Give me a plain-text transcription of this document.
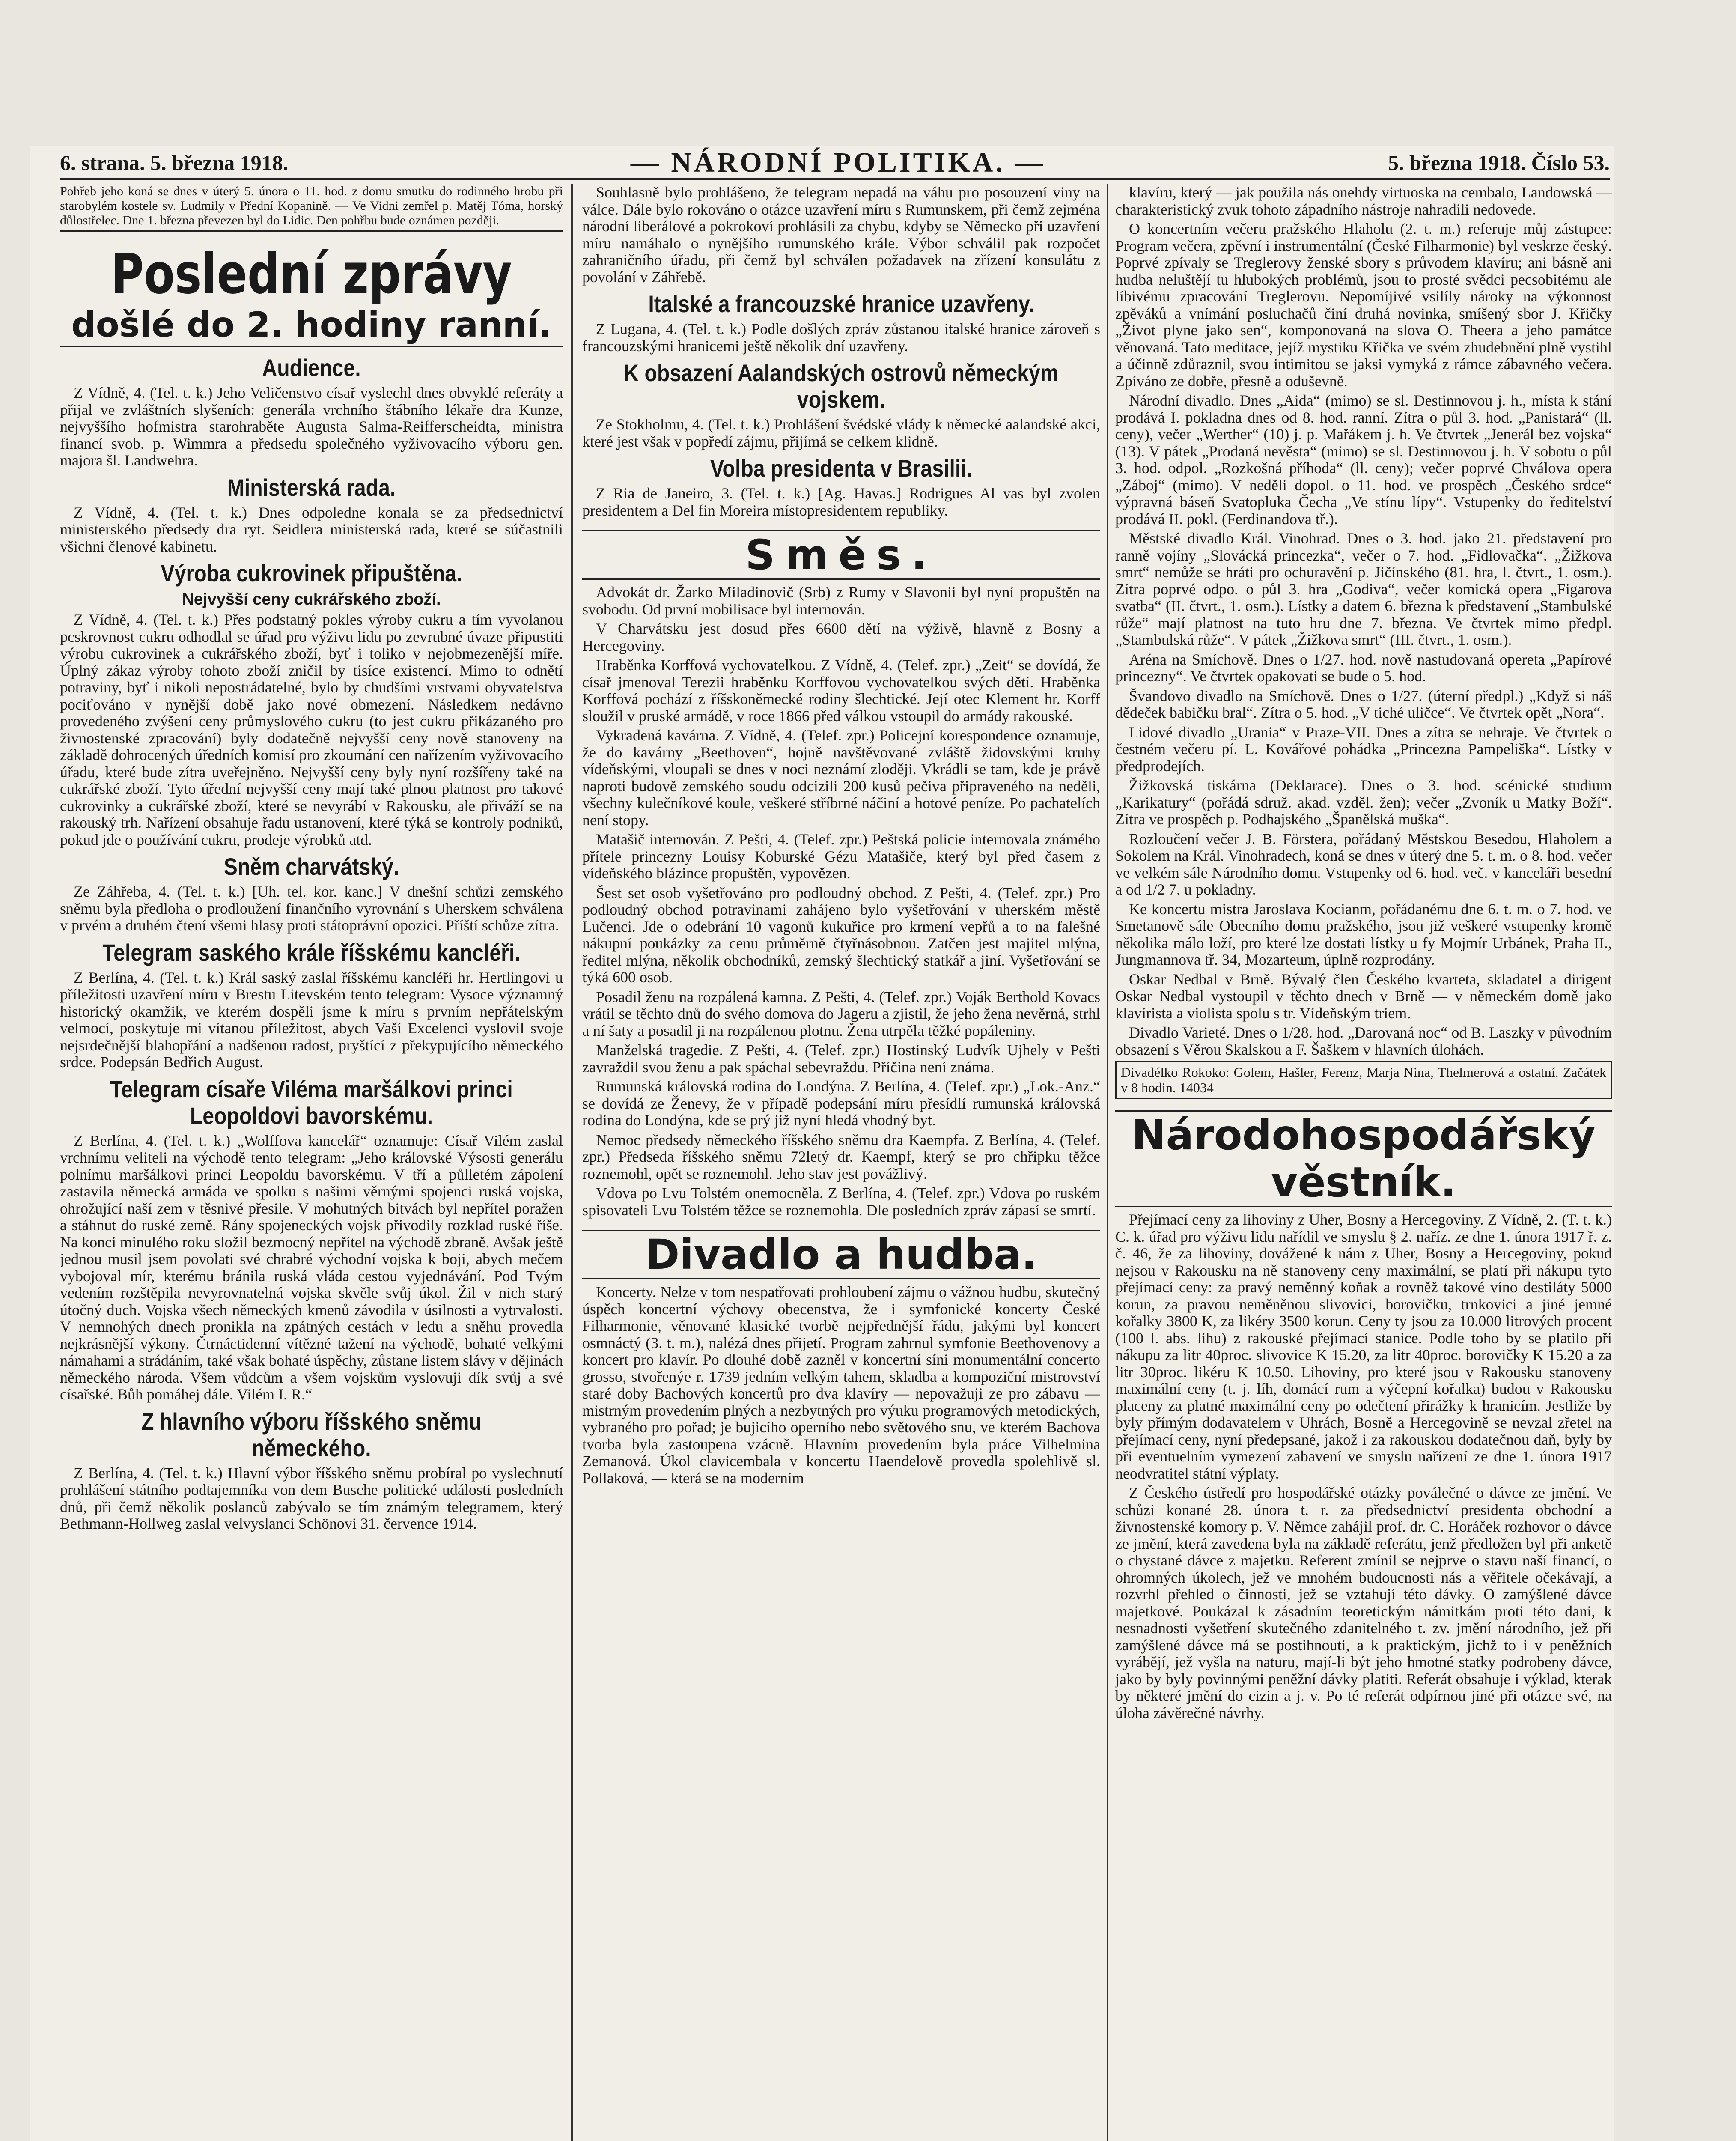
6. strana. 5. března 1918.	— NÁRODNÍ POLITIKA. —	5. března 1918. Číslo 53.

Pohřeb jeho koná se dnes v úterý 5. února o 11. hod. z domu smutku do rodinného hrobu při starobylém kostele sv. Ludmily v Přední Kopanině. — Ve Vidni zemřel p. Matěj Tóma, horský důlostřelec. Dne 1. března převezen byl do Lidic. Den pohřbu bude oznámen později.

Poslední zprávy
došlé do 2. hodiny ranní.
Audience.

Z Vídně, 4. (Tel. t. k.) Jeho Veličenstvo císař vyslechl dnes obvyklé referáty a přijal ve zvláštních slyšeních: generála vrchního štábního lékaře dra Kunze, nejvyššího hofmistra starohraběte Augusta Salma-Reifferscheidta, ministra financí svob. p. Wimmra a předsedu společného vyživovacího výboru gen. majora šl. Landwehra.

Ministerská rada.

Z Vídně, 4. (Tel. t. k.) Dnes odpoledne konala se za předsednictví ministerského předsedy dra ryt. Seidlera ministerská rada, které se súčastnili všichni členové kabinetu.

Výroba cukrovinek připuštěna.
Nejvyšší ceny cukrářského zboží.

Z Vídně, 4. (Tel. t. k.) Přes podstatný pokles výroby cukru a tím vyvolanou pcskrovnost cukru odhodlal se úřad pro výživu lidu po zevrubné úvaze připustiti výrobu cukrovinek a cukrářského zboží, byť i toliko v nejobmezenější míře. Úplný zákaz výroby tohoto zboží zničil by tisíce existencí. Mimo to odnětí potraviny, byť i nikoli nepostrádatelné, bylo by chudšími vrstvami obyvatelstva pociťováno v nynější době jako nové obmezení. Následkem nedávno provedeného zvýšení ceny průmyslového cukru (to jest cukru přikázaného pro živnostenské zpracování) byly dodatečně nejvyšší ceny nově stanoveny na základě dohrocených úředních komisí pro zkoumání cen nařízením vyživovacího úřadu, které bude zítra uveřejněno. Nejvyšší ceny byly nyní rozšířeny také na cukrářské zboží. Tyto úřední nejvyšší ceny mají také plnou platnost pro takové cukrovinky a cukrářské zboží, které se nevyrábí v Rakousku, ale přiváží se na rakouský trh. Nařízení obsahuje řadu ustanovení, které týká se kontroly podniků, pokud jde o používání cukru, prodeje výrobků atd.

Sněm charvátský.

Ze Záhřeba, 4. (Tel. t. k.) [Uh. tel. kor. kanc.] V dnešní schůzi zemského sněmu byla předloha o prodloužení finančního vyrovnání s Uherskem schválena v prvém a druhém čtení všemi hlasy proti státoprávní opozici. Příští schůze zítra.

Telegram saského krále říšskému kancléři.

Z Berlína, 4. (Tel. t. k.) Král saský zaslal říšskému kancléři hr. Hertlingovi u příležitosti uzavření míru v Brestu Litevském tento telegram: Vysoce významný historický okamžik, ve kterém dospěli jsme k míru s prvním nepřátelským velmocí, poskytuje mi vítanou příležitost, abych Vaší Excelenci vyslovil svoje nejsrdečnější blahopřání a nadšenou radost, pryštící z překypujícího německého srdce. Podepsán Bedřich August.

Telegram císaře Viléma maršálkovi princi Leopoldovi bavorskému.

Z Berlína, 4. (Tel. t. k.) „Wolffova kancelář“ oznamuje: Císař Vilém zaslal vrchnímu veliteli na východě tento telegram: „Jeho královské Výsosti generálu polnímu maršálkovi princi Leopoldu bavorskému. V tří a půlletém zápolení zastavila německá armáda ve spolku s našimi věrnými spojenci ruská vojska, ohrožující naší zem v těsnivé přesile. V mohutných bitvách byl nepřítel poražen a stáhnut do ruské země. Rány spojeneckých vojsk přivodily rozklad ruské říše. Na konci minulého roku složil bezmocný nepřítel na východě zbraně. Avšak ještě jednou musil jsem povolati své chrabré východní vojska k boji, abych mečem vybojoval mír, kterému bránila ruská vláda cestou vyjednávání. Pod Tvým vedením rozštěpila nevyrovnatelná vojska skvěle svůj úkol. Žil v nich starý útočný duch. Vojska všech německých kmenů závodila v úsilnosti a vytrvalosti. V nemnohých dnech pronikla na zpátných cestách v ledu a sněhu provedla nejkrásnější výkony. Čtrnáctidenní vítězné tažení na východě, bohaté velkými námahami a strádáním, také však bohaté úspěchy, zůstane listem slávy v dějinách německého národa. Všem vůdcům a všem vojskům vyslovuji dík svůj a své císařské. Bůh pomáhej dále. Vilém I. R.“

Z hlavního výboru říšského sněmu německého.

Z Berlína, 4. (Tel. t. k.) Hlavní výbor říšského sněmu probíral po vyslechnutí prohlášení státního podtajemníka von dem Busche politické události posledních dnů, při čemž několik poslanců zabývalo se tím známým telegramem, který Bethmann-Hollweg zaslal velvyslanci Schönovi 31. července 1914.

Souhlasně bylo prohlášeno, že telegram nepadá na váhu pro posouzení viny na válce. Dále bylo rokováno o otázce uzavření míru s Rumunskem, při čemž zejména národní liberálové a pokrokoví prohlásili za chybu, kdyby se Německo při uzavření míru namáhalo o nynějšího rumunského krále. Výbor schválil pak rozpočet zahraničního úřadu, při čemž byl schválen požadavek na zřízení konsulátu z povolání v Záhřebě.

Italské a francouzské hranice uzavřeny.

Z Lugana, 4. (Tel. t. k.) Podle došlých zpráv zůstanou italské hranice zároveň s francouzskými hranicemi ještě několik dní uzavřeny.

K obsazení Aalandských ostrovů německým vojskem.

Ze Stokholmu, 4. (Tel. t. k.) Prohlášení švédské vlády k německé aalandské akci, které jest však v popředí zájmu, přijímá se celkem klidně.

Volba presidenta v Brasilii.

Z Ria de Janeiro, 3. (Tel. t. k.) [Ag. Havas.] Rodrigues Al vas byl zvolen presidentem a Del fin Moreira místopresidentem republiky.

Směs.

Advokát dr. Žarko Miladinovič (Srb) z Rumy v Slavonii byl nyní propuštěn na svobodu. Od první mobilisace byl internován.

V Charvátsku jest dosud přes 6600 dětí na výživě, hlavně z Bosny a Hercegoviny.

Hraběnka Korffová vychovatelkou. Z Vídně, 4. (Telef. zpr.) „Zeit“ se dovídá, že císař jmenoval Terezii hraběnku Korffovou vychovatelkou svých dětí. Hraběnka Korffová pochází z říšskoněmecké rodiny šlechtické. Její otec Klement hr. Korff sloužil v pruské armádě, v roce 1866 před válkou vstoupil do armády rakouské.

Vykradená kavárna. Z Vídně, 4. (Telef. zpr.) Policejní korespondence oznamuje, že do kavárny „Beethoven“, hojně navštěvované zvláště židovskými kruhy vídeňskými, vloupali se dnes v noci neznámí zloději. Vkrádli se tam, kde je právě naproti budově zemského soudu odcizili 200 kusů pečiva připraveného na neděli, všechny kulečníkové koule, veškeré stříbrné náčiní a hotové peníze. Po pachatelích není stopy.

Matašič internován. Z Pešti, 4. (Telef. zpr.) Peštská policie internovala známého přítele princezny Louisy Koburské Gézu Matašiče, který byl před časem z vídeňského blázince propuštěn, vypovězen.

Šest set osob vyšetřováno pro podloudný obchod. Z Pešti, 4. (Telef. zpr.) Pro podloudný obchod potravinami zahájeno bylo vyšetřování v uherském městě Lučenci. Jde o odebrání 10 vagonů kukuřice pro krmení vepřů a to na falešné nákupní poukázky za cenu průměrně čtyřnásobnou. Zatčen jest majitel mlýna, ředitel mlýna, několik obchodníků, zemský šlechtický statkář a jiní. Vyšetřování se týká 600 osob.

Posadil ženu na rozpálená kamna. Z Pešti, 4. (Telef. zpr.) Voják Berthold Kovacs vrátil se těchto dnů do svého domova do Jageru a zjistil, že jeho žena nevěrná, strhl a ní šaty a posadil ji na rozpálenou plotnu. Žena utrpěla těžké popáleniny.

Manželská tragedie. Z Pešti, 4. (Telef. zpr.) Hostinský Ludvík Ujhely v Pešti zavraždil svou ženu a pak spáchal sebevraždu. Příčina není známa.

Rumunská královská rodina do Londýna. Z Berlína, 4. (Telef. zpr.) „Lok.-Anz.“ se dovídá ze Ženevy, že v případě podepsání míru přesídlí rumunská královská rodina do Londýna, kde se prý již nyní hledá vhodný byt.

Nemoc předsedy německého říšského sněmu dra Kaempfa. Z Berlína, 4. (Telef. zpr.) Předseda říšského sněmu 72letý dr. Kaempf, který se pro chřipku těžce roznemohl, opět se roznemohl. Jeho stav jest povážlivý.

Vdova po Lvu Tolstém onemocněla. Z Berlína, 4. (Telef. zpr.) Vdova po ruském spisovateli Lvu Tolstém těžce se roznemohla. Dle posledních zpráv zápasí se smrtí.

Divadlo a hudba.

Koncerty. Nelze v tom nespatřovati prohloubení zájmu o vážnou hudbu, skutečný úspěch koncertní výchovy obecenstva, že i symfonické koncerty České Filharmonie, věnované klasické tvorbě nejpřednější řádu, jakými byl koncert osmnáctý (3. t. m.), nalézá dnes přijetí. Program zahrnul symfonie Beethovenovy a koncert pro klavír. Po dlouhé době zazněl v koncertní síni monumentální concerto grosso, stvořenýe r. 1739 jedním velkým tahem, skladba a kompoziční mistrovství staré doby Bachových koncertů pro dva klavíry — nepovažuji ze pro zábavu — mistrným provedením plných a nezbytných pro výuku programových metodických, vybraného pro pořad; je bujicího operního nebo světového snu, ve kterém Bachova tvorba byla zastoupena vzácně. Hlavním provedením byla práce Vilhelmina Zemanová. Úkol clavicembala v koncertu Haendelově provedla spolehlivě sl. Pollaková, — která se na moderním

klavíru, který — jak použila nás onehdy virtuoska na cembalo, Landowská — charakteristický zvuk tohoto západního nástroje nahradili nedovede.

O koncertním večeru pražského Hlaholu (2. t. m.) referuje můj zástupce: Program večera, zpěvní i instrumentální (České Filharmonie) byl veskrze český. Poprvé zpívaly se Treglerovy ženské sbory s průvodem klavíru; ani básně ani hudba neluštějí tu hlubokých problémů, jsou to prosté svědci pecsobitému ale líbivému zpracování Treglerovu. Nepomíjivé vsilíly nároky na výkonnost zpěváků a vnímání posluchačů činí druhá novinka, smíšený sbor J. Křičky „Život plyne jako sen“, komponovaná na slova O. Theera a jeho památce věnovaná. Tato meditace, jejíž mystiku Křička ve svém zhudebnění plně vystihl a účinně zdůraznil, svou intimitou se jaksi vymyká z rámce zábavného večera. Zpíváno ze dobře, přesně a oduševně.

Národní divadlo. Dnes „Aida“ (mimo) se sl. Destinnovou j. h., místa k stání prodává I. pokladna dnes od 8. hod. ranní. Zítra o půl 3. hod. „Panistará“ (ll. ceny), večer „Werther“ (10) j. p. Mařákem j. h. Ve čtvrtek „Jenerál bez vojska“ (13). V pátek „Prodaná nevěsta“ (mimo) se sl. Destinnovou j. h. V sobotu o půl 3. hod. odpol. „Rozkošná příhoda“ (ll. ceny); večer poprvé Chválova opera „Záboj“ (mimo). V neděli dopol. o 11. hod. ve prospěch „Českého srdce“ výpravná báseň Svatopluka Čecha „Ve stínu lípy“. Vstupenky do ředitelství prodává II. pokl. (Ferdinandova tř.).

Městské divadlo Král. Vinohrad. Dnes o 3. hod. jako 21. představení pro ranně vojíny „Slovácká princezka“, večer o 7. hod. „Fidlovačka“. „Žižkova smrt“ nemůže se hráti pro ochuravění p. Jičínského (81. hra, l. čtvrt., 1. osm.). Zítra poprvé odpo. o půl 3. hra „Godiva“, večer komická opera „Figarova svatba“ (II. čtvrt., 1. osm.). Lístky a datem 6. března k představení „Stambulské růže“ mají platnost na tuto hru dne 7. března. Ve čtvrtek mimo předpl. „Stambulská růže“. V pátek „Žižkova smrt“ (III. čtvrt., 1. osm.).

Aréna na Smíchově. Dnes o 1/27. hod. nově nastudovaná opereta „Papírové princezny“. Ve čtvrtek opakovati se bude o 5. hod.

Švandovo divadlo na Smíchově. Dnes o 1/27. (úterní předpl.) „Když si náš dědeček babičku bral“. Zítra o 5. hod. „V tiché uličce“. Ve čtvrtek opět „Nora“.

Lidové divadlo „Urania“ v Praze-VII. Dnes a zítra se nehraje. Ve čtvrtek o čestném večeru pí. L. Kovářové pohádka „Princezna Pampeliška“. Lístky v předprodejích.

Žižkovská tiskárna (Deklarace). Dnes o 3. hod. scénické studium „Karikatury“ (pořádá sdruž. akad. vzděl. žen); večer „Zvoník u Matky Boží“. Zítra ve prospěch p. Podhajského „Španělská muška“.

Rozloučení večer J. B. Förstera, pořádaný Městskou Besedou, Hlaholem a Sokolem na Král. Vinohradech, koná se dnes v úterý dne 5. t. m. o 8. hod. večer ve velkém sále Národního domu. Vstupenky od 6. hod. več. v kanceláři besední a od 1/2 7. u pokladny.

Ke koncertu mistra Jaroslava Kocianm, pořádanému dne 6. t. m. o 7. hod. ve Smetanově sále Obecního domu pražského, jsou již veškeré vstupenky kromě několika málo loží, pro které lze dostati lístky u fy Mojmír Urbánek, Praha II., Jungmannova tř. 34, Mozarteum, úplně rozprodány.

Oskar Nedbal v Brně. Bývalý člen Českého kvarteta, skladatel a dirigent Oskar Nedbal vystoupil v těchto dnech v Brně — v německém domě jako klavírista a violista spolu s tr. Vídeňským triem.

Divadlo Varieté. Dnes o 1/28. hod. „Darovaná noc“ od B. Laszky v původním obsazení s Věrou Skalskou a F. Šaškem v hlavních úlohách.

Divadélko Rokoko: Golem, Hašler, Ferenz, Marja Nina, Thelmerová a ostatní. Začátek v 8 hodin. 14034

Národohospodářský věstník.

Přejímací ceny za lihoviny z Uher, Bosny a Hercegoviny. Z Vídně, 2. (T. t. k.) C. k. úřad pro výživu lidu nařídil ve smyslu § 2. naříz. ze dne 1. února 1917 ř. z. č. 46, že za lihoviny, dovážené k nám z Uher, Bosny a Hercegoviny, pokud nejsou v Rakousku na ně stanoveny ceny maximální, se platí při nákupu tyto přejímací ceny: za pravý neměnný koňak a rovněž takové víno destiláty 5000 korun, za pravou neměněnou slivovici, borovičku, trnkovici a jiné jemné kořalky 3800 K, za likéry 3500 korun. Ceny ty jsou za 10.000 litrových procent (100 l. abs. lihu) z rakouské přejímací stanice. Podle toho by se platilo při nákupu za litr 40proc. slivovice K 15.20, za litr 40proc. borovičky K 15.20 a za litr 30proc. likéru K 10.50. Lihoviny, pro které jsou v Rakousku stanoveny maximální ceny (t. j. líh, domácí rum a výčepní kořalka) budou v Rakousku placeny za platné maximální ceny po odečtení přirážky k hranicím. Jestliže by byly přímým dodavatelem v Uhrách, Bosně a Hercegovině se nevzal zřetel na přejímací ceny, nyní předepsané, jakož i za rakouskou dodatečnou daň, byly by při eventuelním vymezení zabavení ve smyslu nařízení ze dne 1. února 1917 neodvratitel státní výplaty.

Z Českého ústředí pro hospodářské otázky poválečné o dávce ze jmění. Ve schůzi konané 28. února t. r. za předsednictví presidenta obchodní a živnostenské komory p. V. Němce zahájil prof. dr. C. Horáček rozhovor o dávce ze jmění, která zavedena byla na základě referátu, jenž předložen byl při anketě o chystané dávce z majetku. Referent zmínil se nejprve o stavu naší financí, o ohromných úkolech, jež ve mnohém budoucnosti nás a věřitele očekávají, a rozvrhl přehled o činnosti, jež se vztahují této dávky. O zamýšlené dávce majetkové. Poukázal k zásadním teoretickým námitkám proti této dani, k nesnadnosti vyšetření skutečného zdanitelného t. zv. jmění národního, jež při zamýšlené dávce má se postihnouti, a k praktickým, jichž to i v peněžních vyrábějí, jež vyšla na naturu, mají-li být jeho hmotné statky podrobeny dávce, jako by byly povinnými peněžní dávky platiti. Referát obsahuje i výklad, kterak by některé jmění do cizin a j. v. Po té referát odpírnou jiné při otázce své, na úloha závěrečné návrhy.
